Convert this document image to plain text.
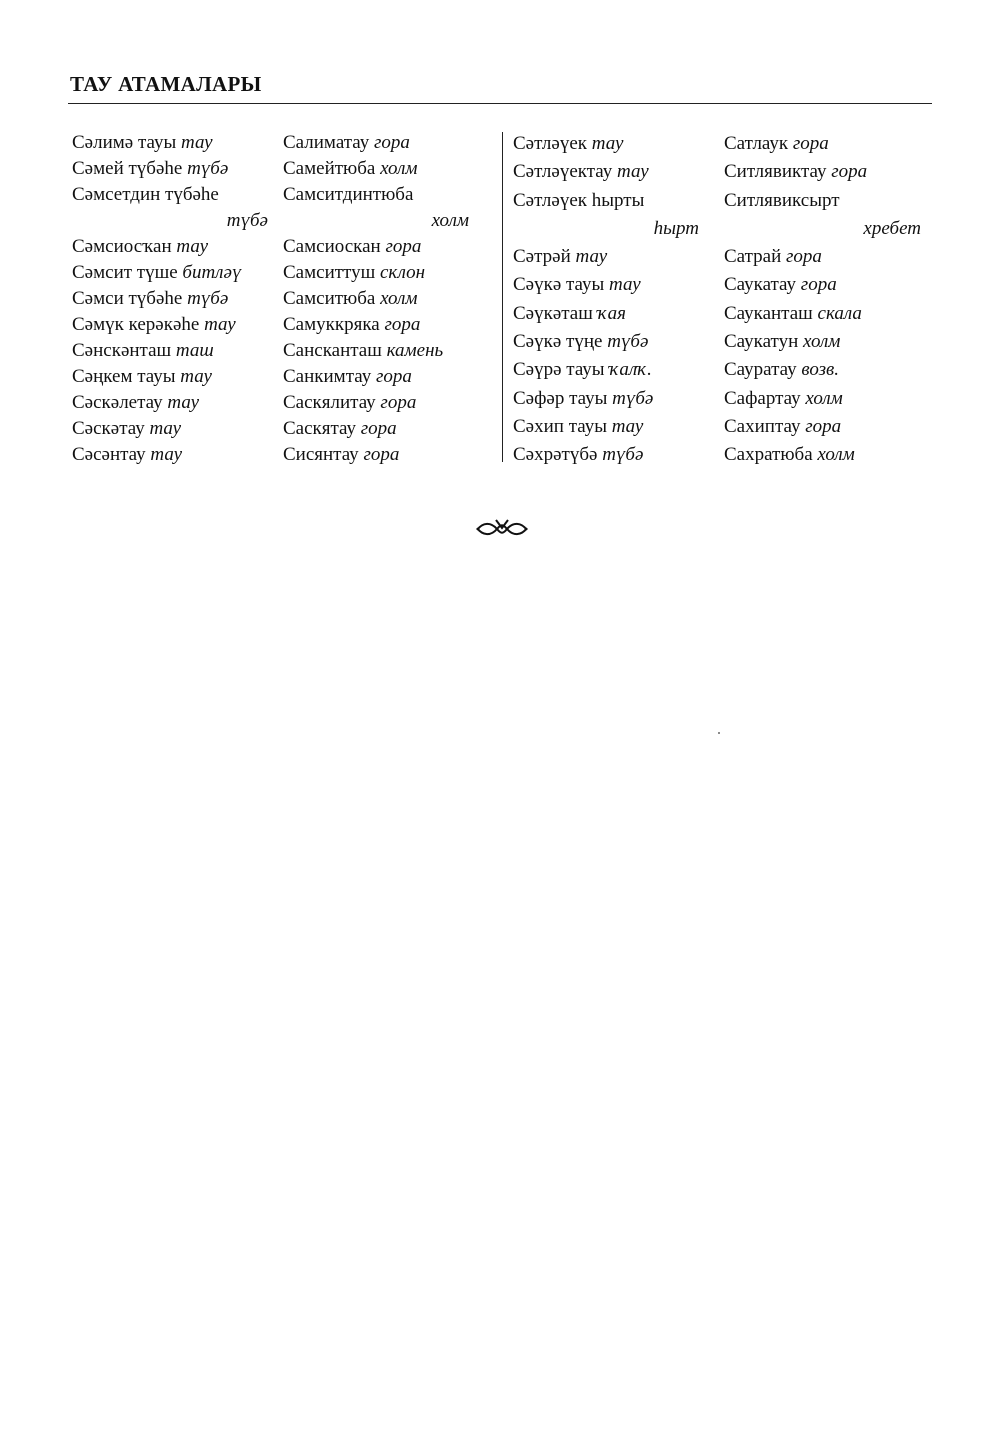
ТАУ АТАМАЛАРЫ
Сәлимә тауы тау
Сәмей түбәһе түбә
Сәмсетдин түбәһе
түбә
Сәмсиосҡан тау
Сәмсит түше битләү
Сәмси түбәһе түбә
Сәмүк керәкәһе тау
Сәнскәнташ таш
Сәңкем тауы тау
Сәскәлетау тау
Сәскәтау тау
Сәсәнтау тау
Салиматау гора
Самейтюба холм
Самситдинтюба
холм
Самсиоскан гора
Самситтуш склон
Самситюба холм
Самуккряка гора
Сансканташ камень
Санкимтау гора
Саскялитау гора
Саскятау гора
Сисянтау гора
Сәтләүек тау
Сәтләүектау тау
Сәтләүек һырты
һырт
Сәтрәй тау
Сәүкә тауы тау
Сәүкәташ ҡая
Сәүкә түңе түбә
Сәүрә тауы ҡалҡ.
Сәфәр тауы түбә
Сәхип тауы тау
Сәхрәтүбә түбә
Сатлаук гора
Ситлявиктау гора
Ситлявиксырт
хребет
Сатрай гора
Саукатау гора
Сауканташ скала
Саукатун холм
Сауратау возв.
Сафартау холм
Сахиптау гора
Сахратюба холм
